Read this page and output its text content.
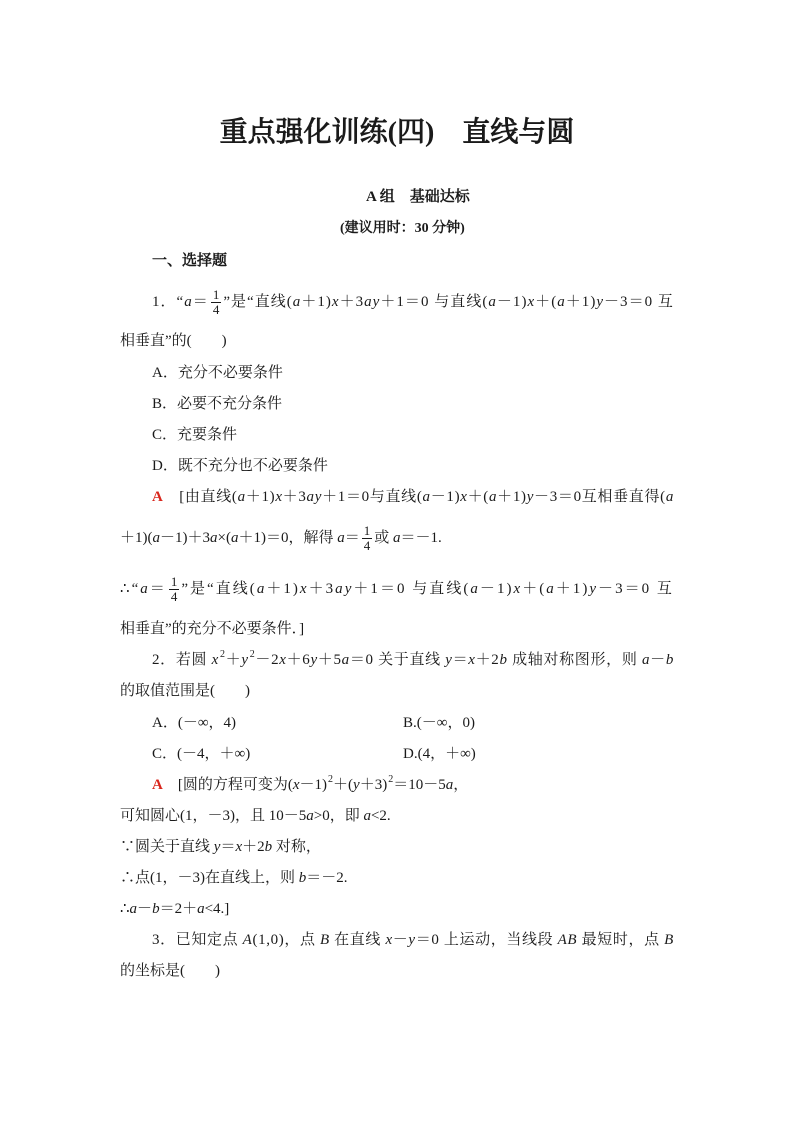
重点强化训练(四)　直线与圆
A 组　基础达标
(建议用时：30 分钟)
一、选择题
1．“$a= \frac{1}{4}$ ”是“直线(a＋1)x＋3ay＋1＝0 与直线(a－1)x＋(a＋1)y－3＝0 互
相垂直”的(　　)
A．充分不必要条件
B．必要不充分条件
C．充要条件
D．既不充分也不必要条件
A　[由直线(a＋1)x＋3ay＋1＝0与直线(a－1)x＋(a＋1)y－3＝0互相垂直得(a
＋1)(a－1)＋3a×(a＋1)＝0，解得 $a= \frac{1}{4}$ 或 a＝－1.
∴“a＝ $\frac{1}{4}$ ”是“直线(a＋1)x＋3ay＋1＝0 与直线(a－1)x＋(a＋1)y－3＝0 互
相垂直”的充分不必要条件．]
2．若圆 x2＋y2－2x＋6y＋5a＝0 关于直线 y＝x＋2b 成轴对称图形，则 a－b
的取值范围是(　　)
A．(－∞，4)	B.(－∞，0)
C．(－4，＋∞)	D.(4，＋∞)
A　[圆的方程可变为(x－1)2＋(y＋3)2＝10－5a，
可知圆心(1，－3)，且 10－5a>0，即 a<2.
∵圆关于直线 y＝x＋2b 对称，
∴点(1，－3)在直线上，则 b＝－2.
∴a－b＝2＋a<4.]
3．已知定点 A(1,0)，点 B 在直线 x－y＝0 上运动，当线段 AB 最短时，点 B
的坐标是(　　)
